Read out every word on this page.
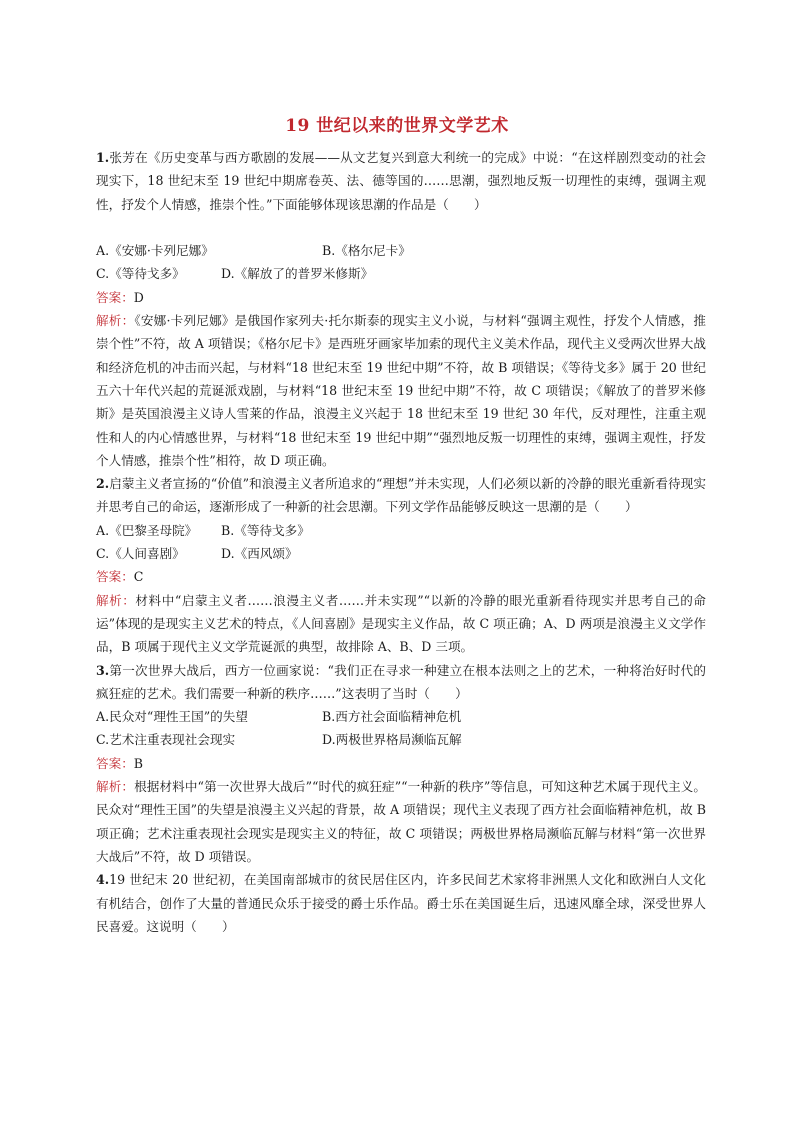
19 世纪以来的世界文学艺术

1.张芳在《历史变革与西方歌剧的发展——从文艺复兴到意大利统一的完成》中说：“在这样剧烈变动的社会现实下，18 世纪末至 19 世纪中期席卷英、法、德等国的……思潮，强烈地反叛一切理性的束缚，强调主观性，抒发个人情感，推崇个性。”下面能够体现该思潮的作品是（　　）

A.《安娜·卡列尼娜》	B.《格尔尼卡》
C.《等待戈多》	D.《解放了的普罗米修斯》

答案：D

解析：《安娜·卡列尼娜》是俄国作家列夫·托尔斯泰的现实主义小说，与材料“强调主观性，抒发个人情感，推崇个性”不符，故 A 项错误；《格尔尼卡》是西班牙画家毕加索的现代主义美术作品，现代主义受两次世界大战和经济危机的冲击而兴起，与材料“18 世纪末至 19 世纪中期”不符，故 B 项错误；《等待戈多》属于 20 世纪五六十年代兴起的荒诞派戏剧，与材料“18 世纪末至 19 世纪中期”不符，故 C 项错误；《解放了的普罗米修斯》是英国浪漫主义诗人雪莱的作品，浪漫主义兴起于 18 世纪末至 19 世纪 30 年代，反对理性，注重主观性和人的内心情感世界，与材料“18 世纪末至 19 世纪中期”“强烈地反叛一切理性的束缚，强调主观性，抒发个人情感，推崇个性”相符，故 D 项正确。

2.启蒙主义者宣扬的“价值”和浪漫主义者所追求的“理想”并未实现，人们必须以新的冷静的眼光重新看待现实并思考自己的命运，逐渐形成了一种新的社会思潮。下列文学作品能够反映这一思潮的是（　　）

A.《巴黎圣母院》	B.《等待戈多》
C.《人间喜剧》	D.《西风颂》

答案：C

解析：材料中“启蒙主义者……浪漫主义者……并未实现”“以新的冷静的眼光重新看待现实并思考自己的命运”体现的是现实主义艺术的特点，《人间喜剧》是现实主义作品，故 C 项正确；A、D 两项是浪漫主义文学作品，B 项属于现代主义文学荒诞派的典型，故排除 A、B、D 三项。

3.第一次世界大战后，西方一位画家说：“我们正在寻求一种建立在根本法则之上的艺术，一种将治好时代的疯狂症的艺术。我们需要一种新的秩序……”这表明了当时（　　）

A.民众对“理性王国”的失望	B.西方社会面临精神危机
C.艺术注重表现社会现实	D.两极世界格局濒临瓦解

答案：B

解析：根据材料中“第一次世界大战后”“时代的疯狂症”“一种新的秩序”等信息，可知这种艺术属于现代主义。民众对“理性王国”的失望是浪漫主义兴起的背景，故 A 项错误；现代主义表现了西方社会面临精神危机，故 B 项正确；艺术注重表现社会现实是现实主义的特征，故 C 项错误；两极世界格局濒临瓦解与材料“第一次世界大战后”不符，故 D 项错误。

4.19 世纪末 20 世纪初，在美国南部城市的贫民居住区内，许多民间艺术家将非洲黑人文化和欧洲白人文化有机结合，创作了大量的普通民众乐于接受的爵士乐作品。爵士乐在美国诞生后，迅速风靡全球，深受世界人民喜爱。这说明（　　）
